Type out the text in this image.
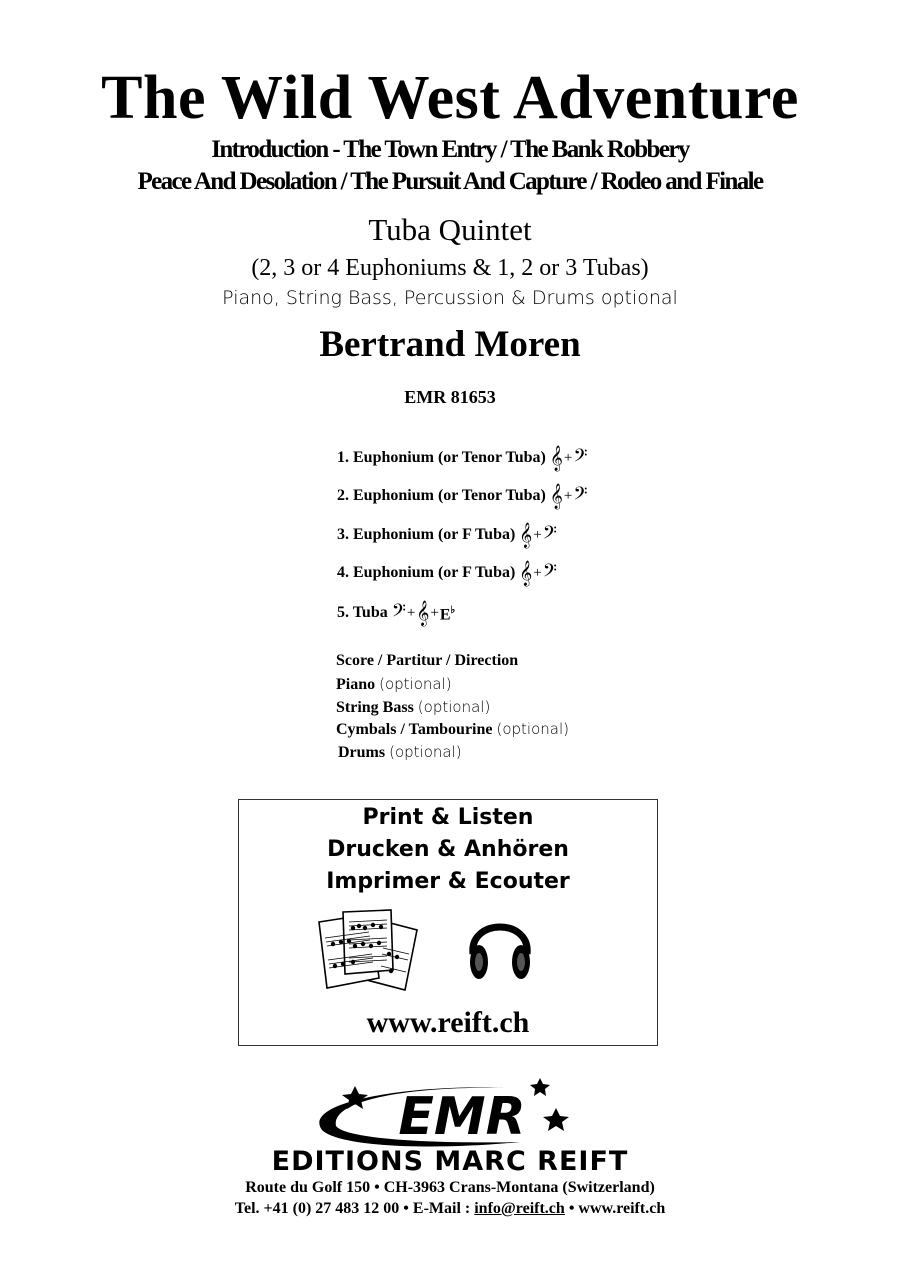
The Wild West Adventure
Introduction - The Town Entry / The Bank Robbery
Peace And Desolation / The Pursuit And Capture / Rodeo and Finale
Tuba Quintet
(2, 3 or 4 Euphoniums & 1, 2 or 3 Tubas)
Piano, String Bass, Percussion & Drums optional
Bertrand Moren
EMR 81653
1. Euphonium (or Tenor Tuba) 𝄞 + 𝄢
2. Euphonium (or Tenor Tuba) 𝄞 + 𝄢
3. Euphonium (or F Tuba) 𝄞 + 𝄢
4. Euphonium (or F Tuba) 𝄞 + 𝄢
5. Tuba 𝄢 + 𝄞 + E♭
Score / Partitur / Direction
Piano (optional)
String Bass (optional)
Cymbals / Tambourine (optional)
Drums (optional)
Print & Listen
Drucken & Anhören
Imprimer & Ecouter
www.reift.ch
EMR
EDITIONS MARC REIFT
Route du Golf 150 • CH-3963 Crans-Montana (Switzerland)
Tel. +41 (0) 27 483 12 00 • E-Mail : info@reift.ch • www.reift.ch
